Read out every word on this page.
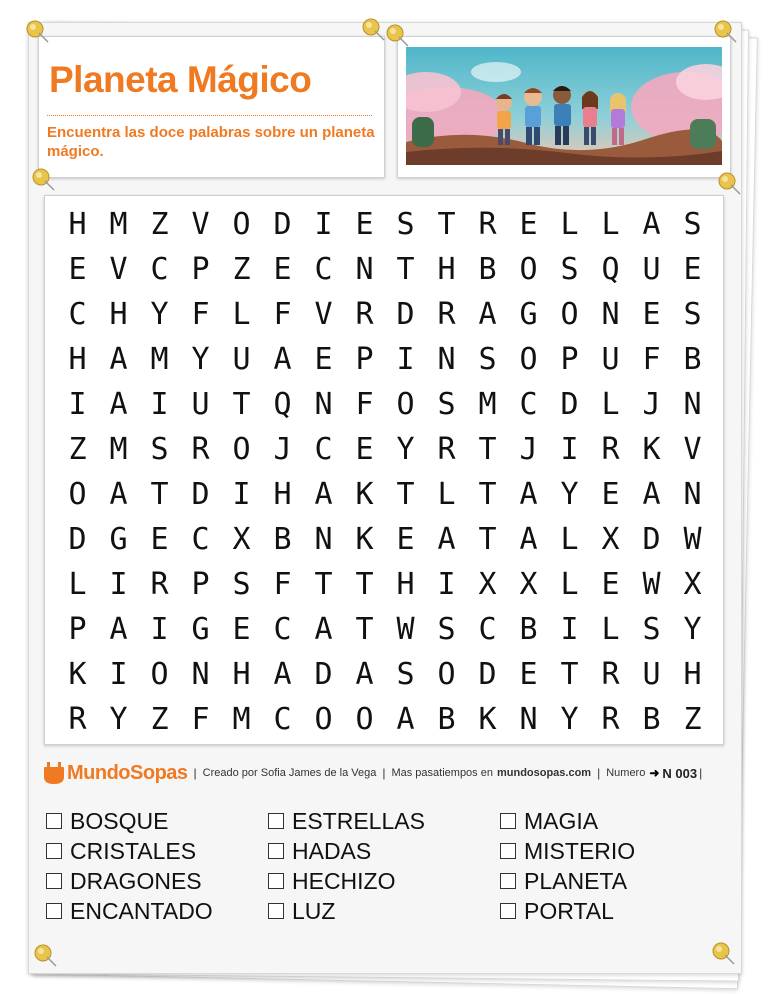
Planeta Mágico
Encuentra las doce palabras sobre un planeta mágico.
H M Z V O D I E S T R E L L A S
E V C P Z E C N T H B O S Q U E
C H Y F L F V R D R A G O N E S
H A M Y U A E P I N S O P U F B
I A I U T Q N F O S M C D L J N
Z M S R O J C E Y R T J I R K V
O A T D I H A K T L T A Y E A N
D G E C X B N K E A T A L X D W
L I R P S F T T H I X X L E W X
P A I G E C A T W S C B I L S Y
K I O N H A D A S O D E T R U H
R Y Z F M C O O A B K N Y R B Z
MundoSopas | Creado por Sofia James de la Vega | Mas pasatiempos en mundosopas.com | Numero ➜ N 003 |
BOSQUE
CRISTALES
DRAGONES
ENCANTADO
ESTRELLAS
HADAS
HECHIZO
LUZ
MAGIA
MISTERIO
PLANETA
PORTAL
